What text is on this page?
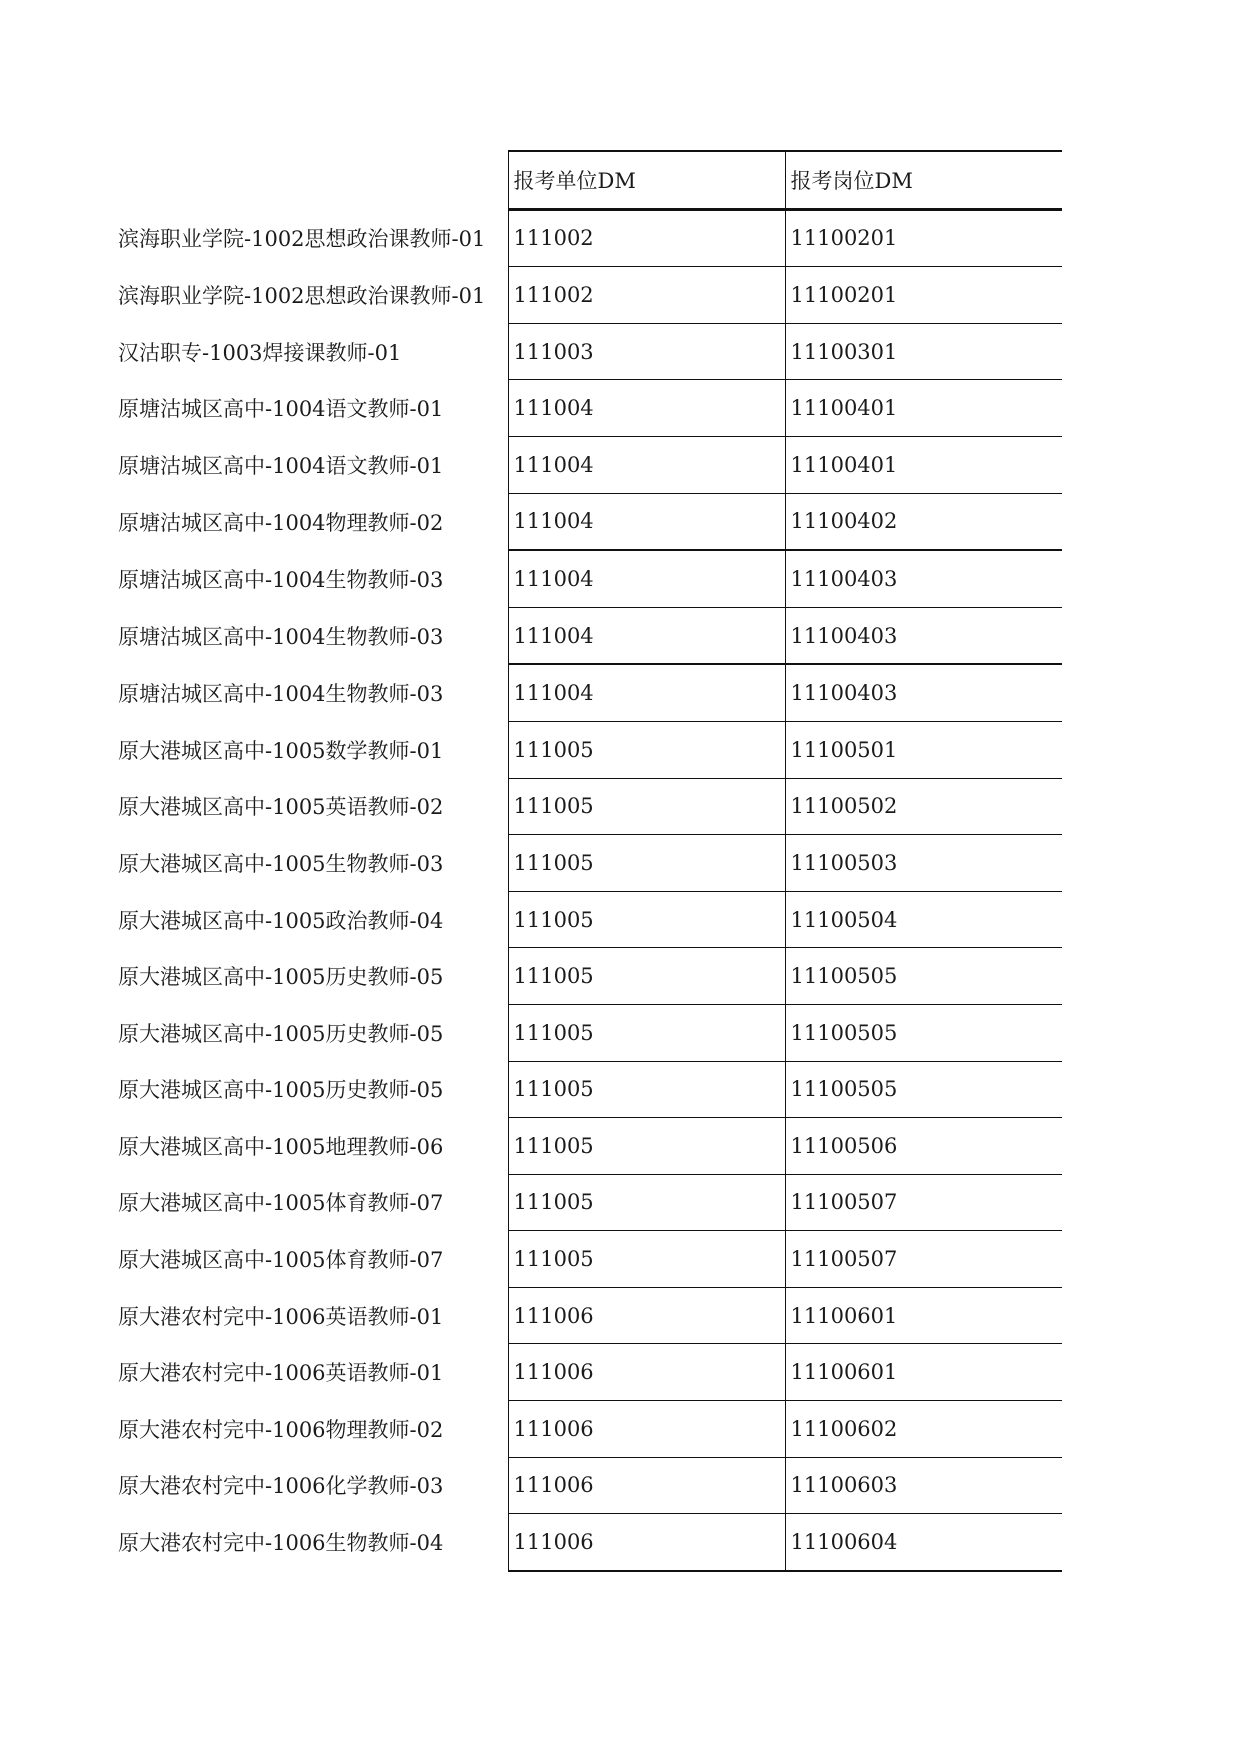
	报考单位DM	报考岗位DM
滨海职业学院-1002思想政治课教师-01	111002	11100201
滨海职业学院-1002思想政治课教师-01	111002	11100201
汉沽职专-1003焊接课教师-01	111003	11100301
原塘沽城区高中-1004语文教师-01	111004	11100401
原塘沽城区高中-1004语文教师-01	111004	11100401
原塘沽城区高中-1004物理教师-02	111004	11100402
原塘沽城区高中-1004生物教师-03	111004	11100403
原塘沽城区高中-1004生物教师-03	111004	11100403
原塘沽城区高中-1004生物教师-03	111004	11100403
原大港城区高中-1005数学教师-01	111005	11100501
原大港城区高中-1005英语教师-02	111005	11100502
原大港城区高中-1005生物教师-03	111005	11100503
原大港城区高中-1005政治教师-04	111005	11100504
原大港城区高中-1005历史教师-05	111005	11100505
原大港城区高中-1005历史教师-05	111005	11100505
原大港城区高中-1005历史教师-05	111005	11100505
原大港城区高中-1005地理教师-06	111005	11100506
原大港城区高中-1005体育教师-07	111005	11100507
原大港城区高中-1005体育教师-07	111005	11100507
原大港农村完中-1006英语教师-01	111006	11100601
原大港农村完中-1006英语教师-01	111006	11100601
原大港农村完中-1006物理教师-02	111006	11100602
原大港农村完中-1006化学教师-03	111006	11100603
原大港农村完中-1006生物教师-04	111006	11100604
